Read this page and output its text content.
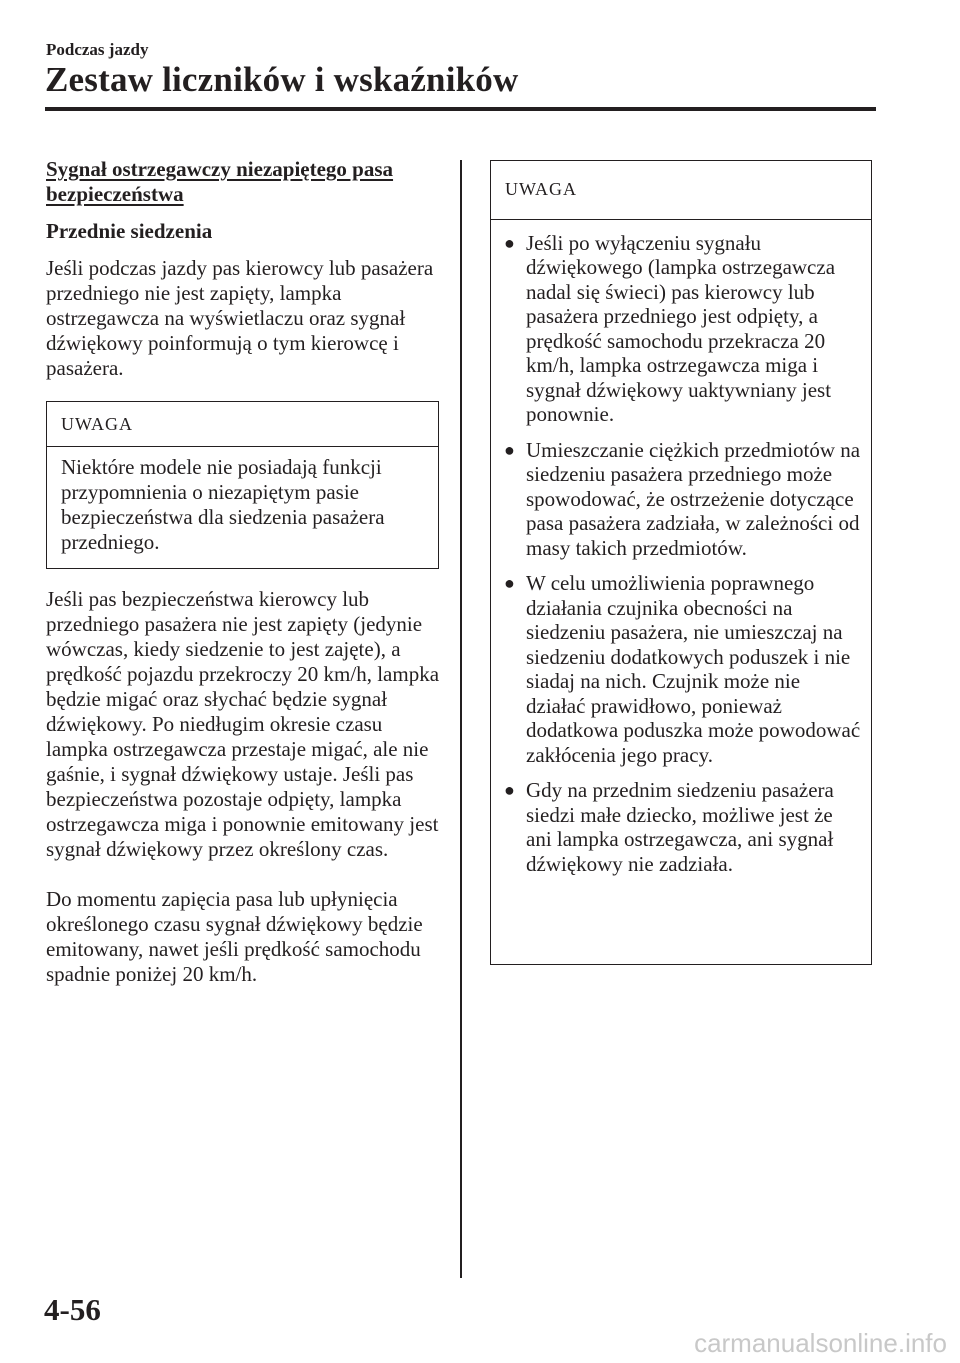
Podczas jazdy
Zestaw liczników i wskaźników
Sygnał ostrzegawczy niezapiętego pasa bezpieczeństwa
Przednie siedzenia

Jeśli podczas jazdy pas kierowcy lub pasażera przedniego nie jest zapięty, lampka ostrzegawcza na wyświetlaczu oraz sygnał dźwiękowy poinformują o tym kierowcę i pasażera.

UWAGA
Niektóre modele nie posiadają funkcji przypomnienia o niezapiętym pasie bezpieczeństwa dla siedzenia pasażera przedniego.

Jeśli pas bezpieczeństwa kierowcy lub przedniego pasażera nie jest zapięty (jedynie wówczas, kiedy siedzenie to jest zajęte), a prędkość pojazdu przekroczy 20 km/h, lampka będzie migać oraz słychać będzie sygnał dźwiękowy. Po niedługim okresie czasu lampka ostrzegawcza przestaje migać, ale nie gaśnie, i sygnał dźwiękowy ustaje. Jeśli pas bezpieczeństwa pozostaje odpięty, lampka ostrzegawcza miga i ponownie emitowany jest sygnał dźwiękowy przez określony czas.

Do momentu zapięcia pasa lub upłynięcia określonego czasu sygnał dźwiękowy będzie emitowany, nawet jeśli prędkość samochodu spadnie poniżej 20 km/h.

UWAGA
● Jeśli po wyłączeniu sygnału dźwiękowego (lampka ostrzegawcza nadal się świeci) pas kierowcy lub pasażera przedniego jest odpięty, a prędkość samochodu przekracza 20 km/h, lampka ostrzegawcza miga i sygnał dźwiękowy uaktywniany jest ponownie.
● Umieszczanie ciężkich przedmiotów na siedzeniu pasażera przedniego może spowodować, że ostrzeżenie dotyczące pasa pasażera zadziała, w zależności od masy takich przedmiotów.
● W celu umożliwienia poprawnego działania czujnika obecności na siedzeniu pasażera, nie umieszczaj na siedzeniu dodatkowych poduszek i nie siadaj na nich. Czujnik może nie działać prawidłowo, ponieważ dodatkowa poduszka może powodować zakłócenia jego pracy.
● Gdy na przednim siedzeniu pasażera siedzi małe dziecko, możliwe jest że ani lampka ostrzegawcza, ani sygnał dźwiękowy nie zadziała.
4-56
carmanualsonline.info
